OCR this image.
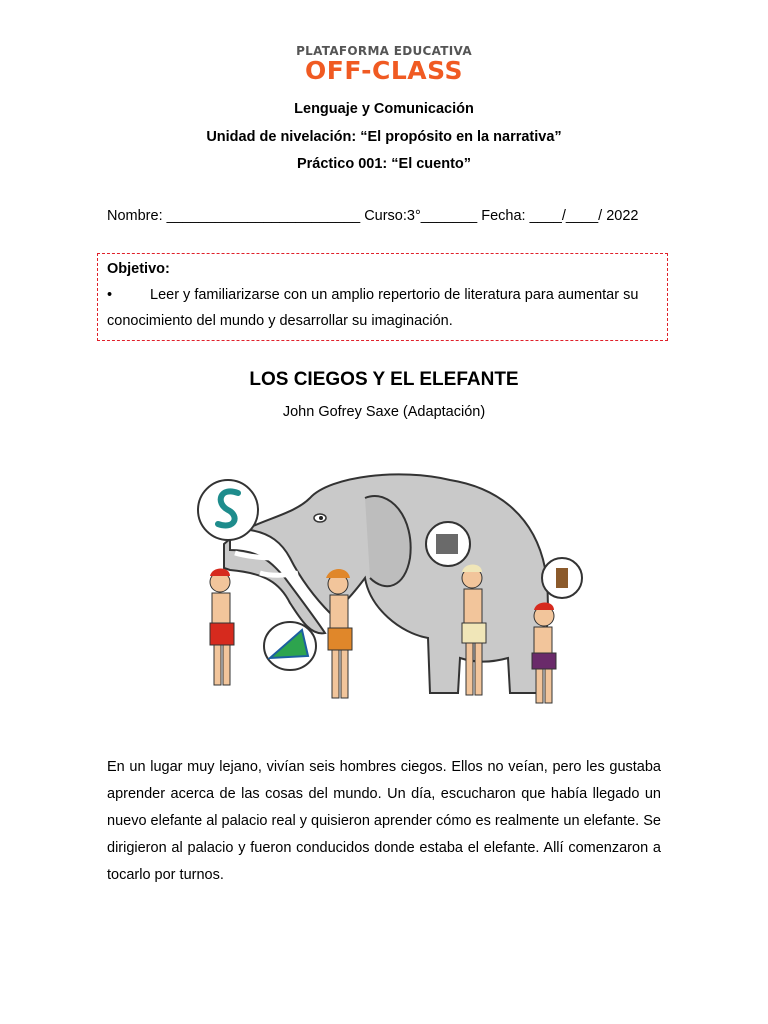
PLATAFORMA EDUCATIVA
OFF-CLASS
Lenguaje y Comunicación
Unidad de nivelación: “El propósito en la narrativa”
Práctico 001: “El cuento”
Nombre: ________________________ Curso:3°_______ Fecha: ____/____/ 2022
Objetivo:
•	Leer y familiarizarse con un amplio repertorio de literatura para aumentar su
conocimiento del mundo y desarrollar su imaginación.
LOS CIEGOS Y EL ELEFANTE
John Gofrey Saxe (Adaptación)
En un lugar muy lejano, vivían seis hombres ciegos. Ellos no veían, pero les gustaba aprender acerca de las cosas del mundo. Un día, escucharon que había llegado un nuevo elefante al palacio real y quisieron aprender cómo es realmente un elefante. Se dirigieron al palacio y fueron conducidos donde estaba el elefante. Allí comenzaron a tocarlo por turnos.
